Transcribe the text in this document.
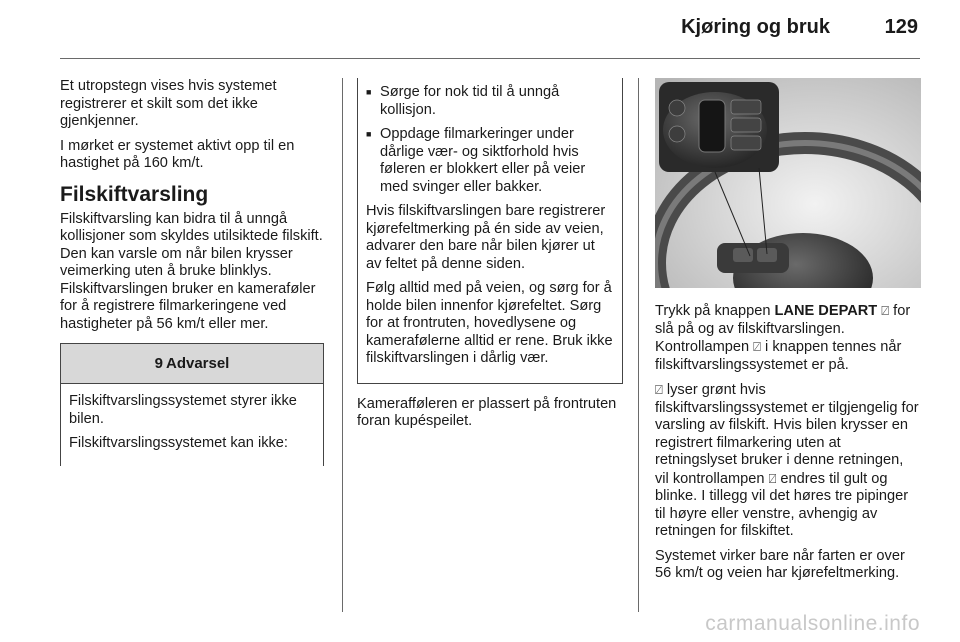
Kjøring og bruk	129

Et utropstegn vises hvis systemet registrerer et skilt som det ikke gjenkjenner.

I mørket er systemet aktivt opp til en hastighet på 160 km/t.

Filskiftvarsling

Filskiftvarsling kan bidra til å unngå kollisjoner som skyldes utilsiktede filskift. Den kan varsle om når bilen krysser veimerking uten å bruke blinklys. Filskiftvarslingen bruker en kameraføler for å registrere filmarkeringene ved hastigheter på 56 km/t eller mer.

9 Advarsel

Filskiftvarslingssystemet styrer ikke bilen.

Filskiftvarslingssystemet kan ikke:

■ Sørge for nok tid til å unngå kollisjon.
■ Oppdage filmarkeringer under dårlige vær- og siktforhold hvis føleren er blokkert eller på veier med svinger eller bakker.

Hvis filskiftvarslingen bare registrerer kjørefeltmerking på én side av veien, advarer den bare når bilen kjører ut av feltet på denne siden.

Følg alltid med på veien, og sørg for å holde bilen innenfor kjørefeltet. Sørg for at frontruten, hovedlysene og kamerafølerne alltid er rene. Bruk ikke filskiftvarslingen i dårlig vær.

Kamerafføleren er plassert på frontruten foran kupéspeilet.

Trykk på knappen LANE DEPART ⍁ for slå på og av filskiftvarslingen. Kontrollampen ⍁ i knappen tennes når filskiftvarslingssystemet er på.

⍁ lyser grønt hvis filskiftvarslingssystemet er tilgjengelig for varsling av filskift. Hvis bilen krysser en registrert filmarkering uten at retningslyset bruker i denne retningen, vil kontrollampen ⍁ endres til gult og blinke. I tillegg vil det høres tre pipinger til høyre eller venstre, avhengig av retningen for filskiftet.

Systemet virker bare når farten er over 56 km/t og veien har kjørefeltmerking.

carmanualsonline.info
